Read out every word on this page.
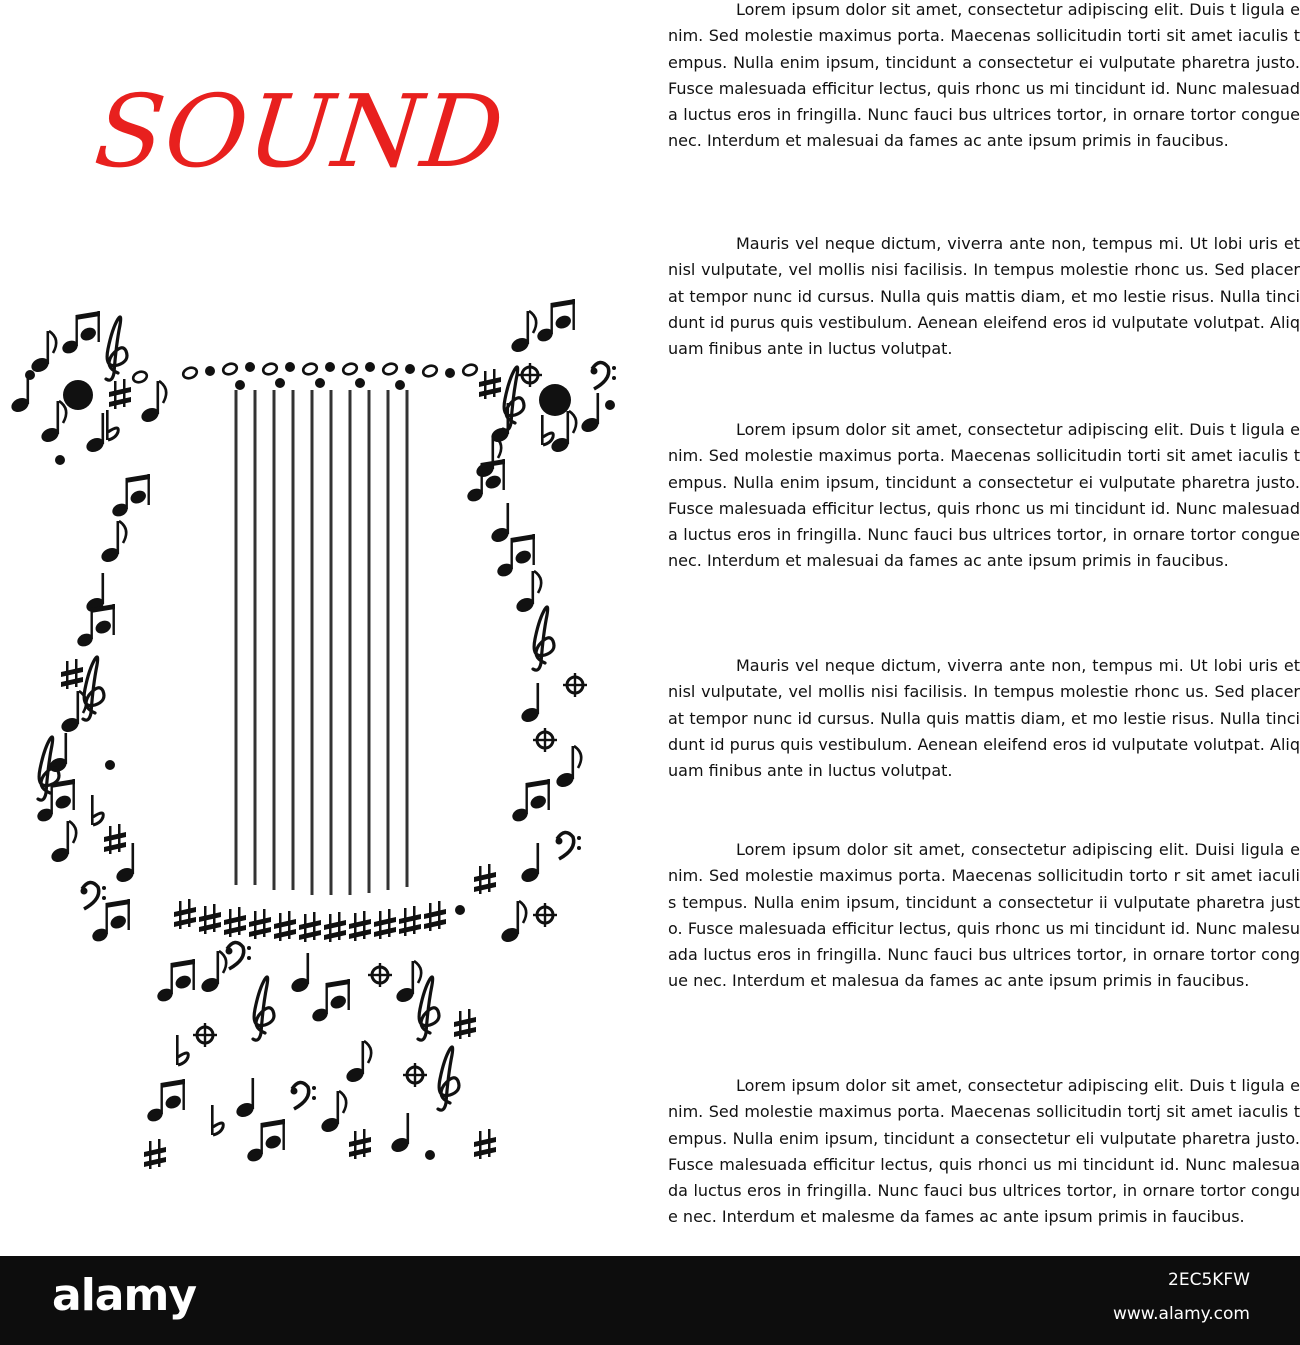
SOUND

Lorem ipsum dolor sit amet, consectetur adipiscing elit. Duis t ligula enim. Sed molestie maximus porta. Maecenas sollicitudin torti sit amet iaculis tempus. Nulla enim ipsum, tincidunt a consectetur ei vulputate pharetra justo. Fusce malesuada efficitur lectus, quis rhonc us mi tincidunt id. Nunc malesuada luctus eros in fringilla. Nunc fauci bus ultrices tortor, in ornare tortor congue nec. Interdum et malesuai da fames ac ante ipsum primis in faucibus.

Mauris vel neque dictum, viverra ante non, tempus mi. Ut lobi uris et nisl vulputate, vel mollis nisi facilisis. In tempus molestie rhonc us. Sed placerat tempor nunc id cursus. Nulla quis mattis diam, et mo lestie risus. Nulla tincidunt id purus quis vestibulum. Aenean eleifend eros id vulputate volutpat. Aliquam finibus ante in luctus volutpat.

Lorem ipsum dolor sit amet, consectetur adipiscing elit. Duis t ligula enim. Sed molestie maximus porta. Maecenas sollicitudin torti sit amet iaculis tempus. Nulla enim ipsum, tincidunt a consectetur ei vulputate pharetra justo. Fusce malesuada efficitur lectus, quis rhonc us mi tincidunt id. Nunc malesuada luctus eros in fringilla. Nunc fauci bus ultrices tortor, in ornare tortor congue nec. Interdum et malesuai da fames ac ante ipsum primis in faucibus.

Mauris vel neque dictum, viverra ante non, tempus mi. Ut lobi uris et nisl vulputate, vel mollis nisi facilisis. In tempus molestie rhonc us. Sed placerat tempor nunc id cursus. Nulla quis mattis diam, et mo lestie risus. Nulla tincidunt id purus quis vestibulum. Aenean eleifend eros id vulputate volutpat. Aliquam finibus ante in luctus volutpat.

Lorem ipsum dolor sit amet, consectetur adipiscing elit. Duisi ligula enim. Sed molestie maximus porta. Maecenas sollicitudin torto r sit amet iaculis tempus. Nulla enim ipsum, tincidunt a consectetur ii vulputate pharetra justo. Fusce malesuada efficitur lectus, quis rhonc us mi tincidunt id. Nunc malesuada luctus eros in fringilla. Nunc fauci bus ultrices tortor, in ornare tortor congue nec. Interdum et malesua da fames ac ante ipsum primis in faucibus.

Lorem ipsum dolor sit amet, consectetur adipiscing elit. Duis t ligula enim. Sed molestie maximus porta. Maecenas sollicitudin tortj sit amet iaculis tempus. Nulla enim ipsum, tincidunt a consectetur eli vulputate pharetra justo. Fusce malesuada efficitur lectus, quis rhonci us mi tincidunt id. Nunc malesuada luctus eros in fringilla. Nunc fauci bus ultrices tortor, in ornare tortor congue nec. Interdum et malesme da fames ac ante ipsum primis in faucibus.

alamy	2EC5KFW
www.alamy.com
